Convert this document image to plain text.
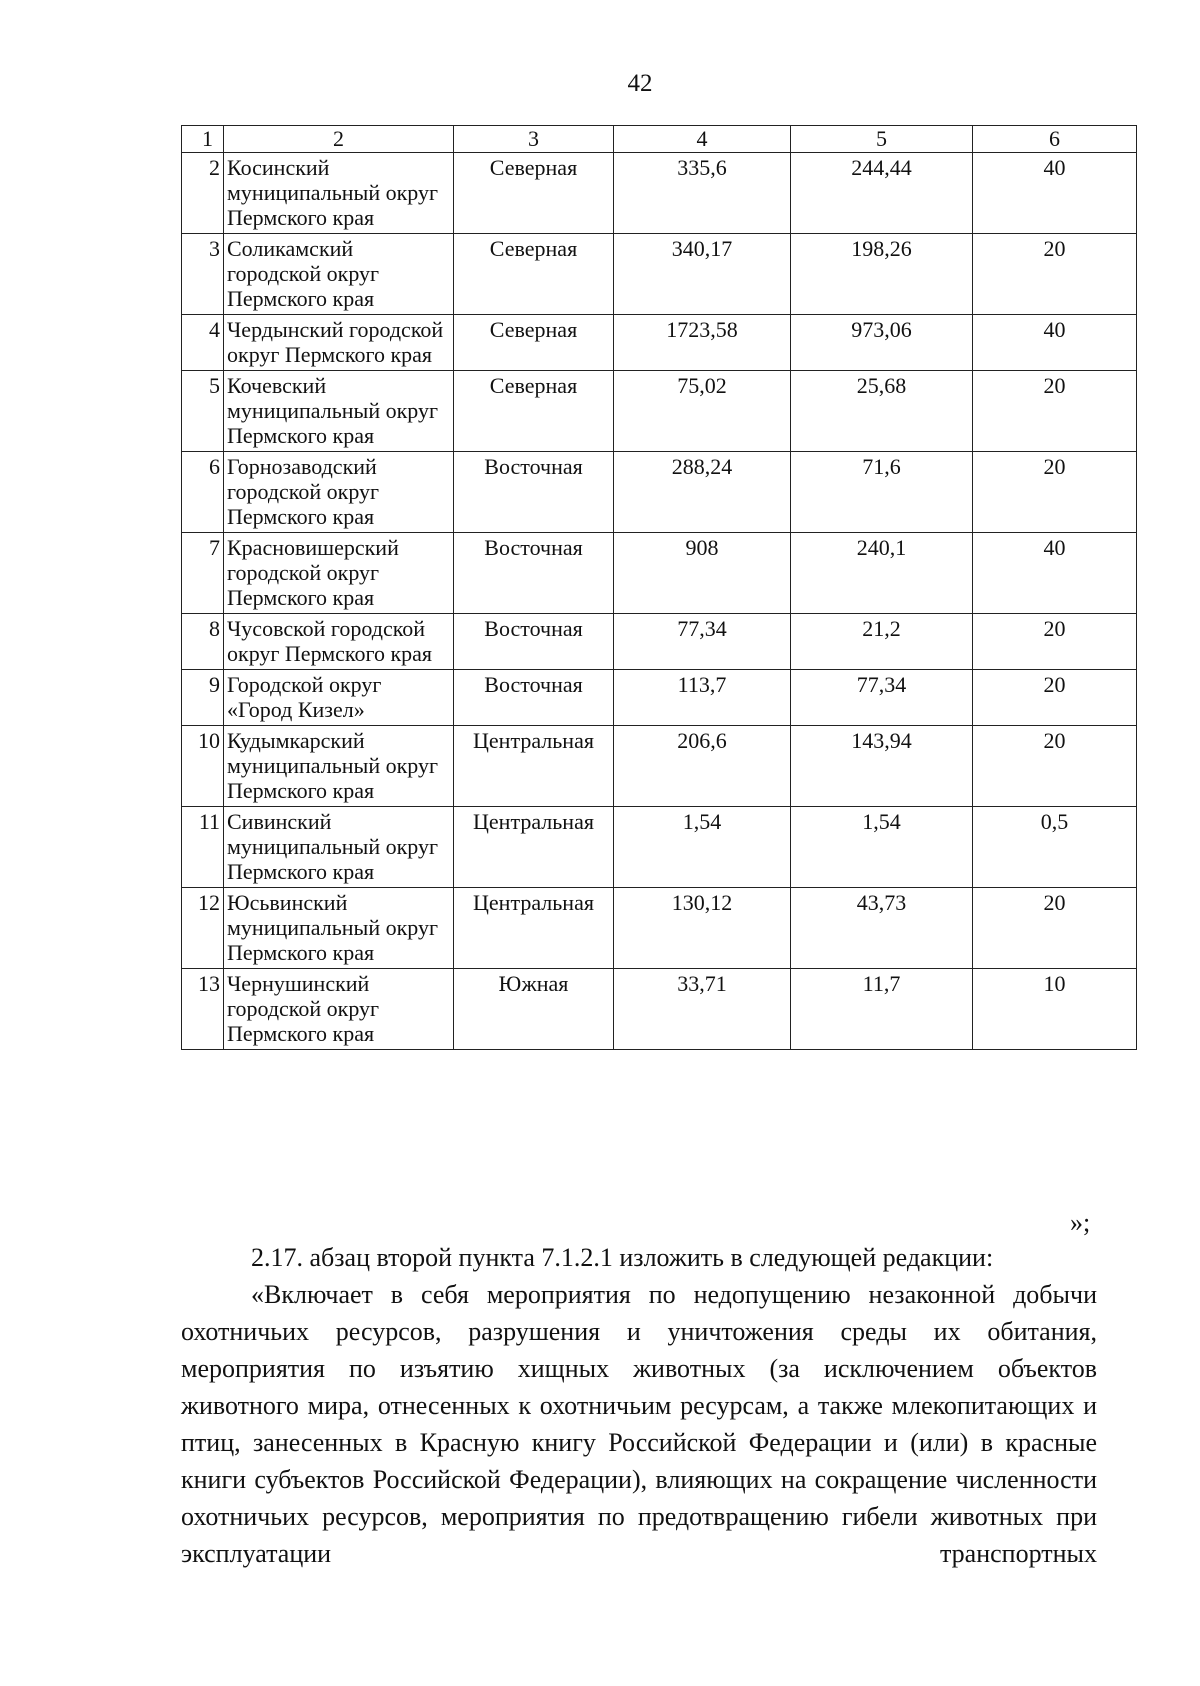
42
1	2	3	4	5	6
2	Косинский муниципальный округ Пермского края	Северная	335,6	244,44	40
3	Соликамский городской округ Пермского края	Северная	340,17	198,26	20
4	Чердынский городской округ Пермского края	Северная	1723,58	973,06	40
5	Кочевский муниципальный округ Пермского края	Северная	75,02	25,68	20
6	Горнозаводский городской округ Пермского края	Восточная	288,24	71,6	20
7	Красновишерский городской округ Пермского края	Восточная	908	240,1	40
8	Чусовской городской округ Пермского края	Восточная	77,34	21,2	20
9	Городской округ «Город Кизел»	Восточная	113,7	77,34	20
10	Кудымкарский муниципальный округ Пермского края	Центральная	206,6	143,94	20
11	Сивинский муниципальный округ Пермского края	Центральная	1,54	1,54	0,5
12	Юсьвинский муниципальный округ Пермского края	Центральная	130,12	43,73	20
13	Чернушинский городской округ Пермского края	Южная	33,71	11,7	10
»;
2.17. абзац второй пункта 7.1.2.1 изложить в следующей редакции:
«Включает в себя мероприятия по недопущению незаконной добычи охотничьих ресурсов, разрушения и уничтожения среды их обитания, мероприятия по изъятию хищных животных (за исключением объектов животного мира, отнесенных к охотничьим ресурсам, а также млекопитающих и птиц, занесенных в Красную книгу Российской Федерации и (или) в красные книги субъектов Российской Федерации), влияющих на сокращение численности охотничьих ресурсов, мероприятия по предотвращению гибели животных при эксплуатации транспортных
